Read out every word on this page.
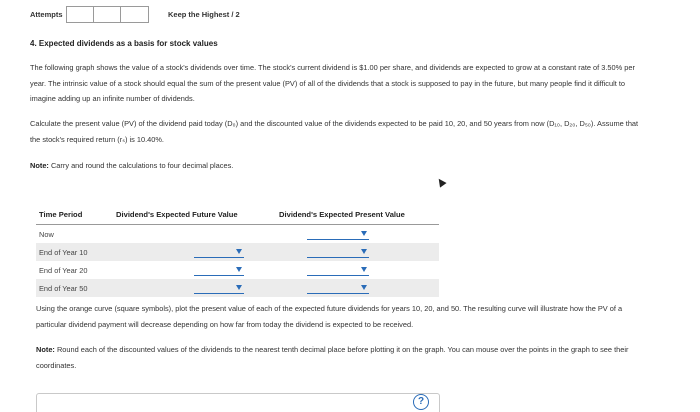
Attempts	Keep the Highest / 2
4. Expected dividends as a basis for stock values
The following graph shows the value of a stock's dividends over time. The stock's current dividend is $1.00 per share, and dividends are expected to grow at a constant rate of 3.50% per year. The intrinsic value of a stock should equal the sum of the present value (PV) of all of the dividends that a stock is supposed to pay in the future, but many people find it difficult to imagine adding up an infinite number of dividends.
Calculate the present value (PV) of the dividend paid today (D₀) and the discounted value of the dividends expected to be paid 10, 20, and 50 years from now (D₁₀, D₂₀, D₅₀). Assume that the stock's required return (rₛ) is 10.40%.
Note: Carry and round the calculations to four decimal places.
Time Period	Dividend's Expected Future Value	Dividend's Expected Present Value
Now
End of Year 10
End of Year 20
End of Year 50
Using the orange curve (square symbols), plot the present value of each of the expected future dividends for years 10, 20, and 50. The resulting curve will illustrate how the PV of a particular dividend payment will decrease depending on how far from today the dividend is expected to be received.
Note: Round each of the discounted values of the dividends to the nearest tenth decimal place before plotting it on the graph. You can mouse over the points in the graph to see their coordinates.
?
